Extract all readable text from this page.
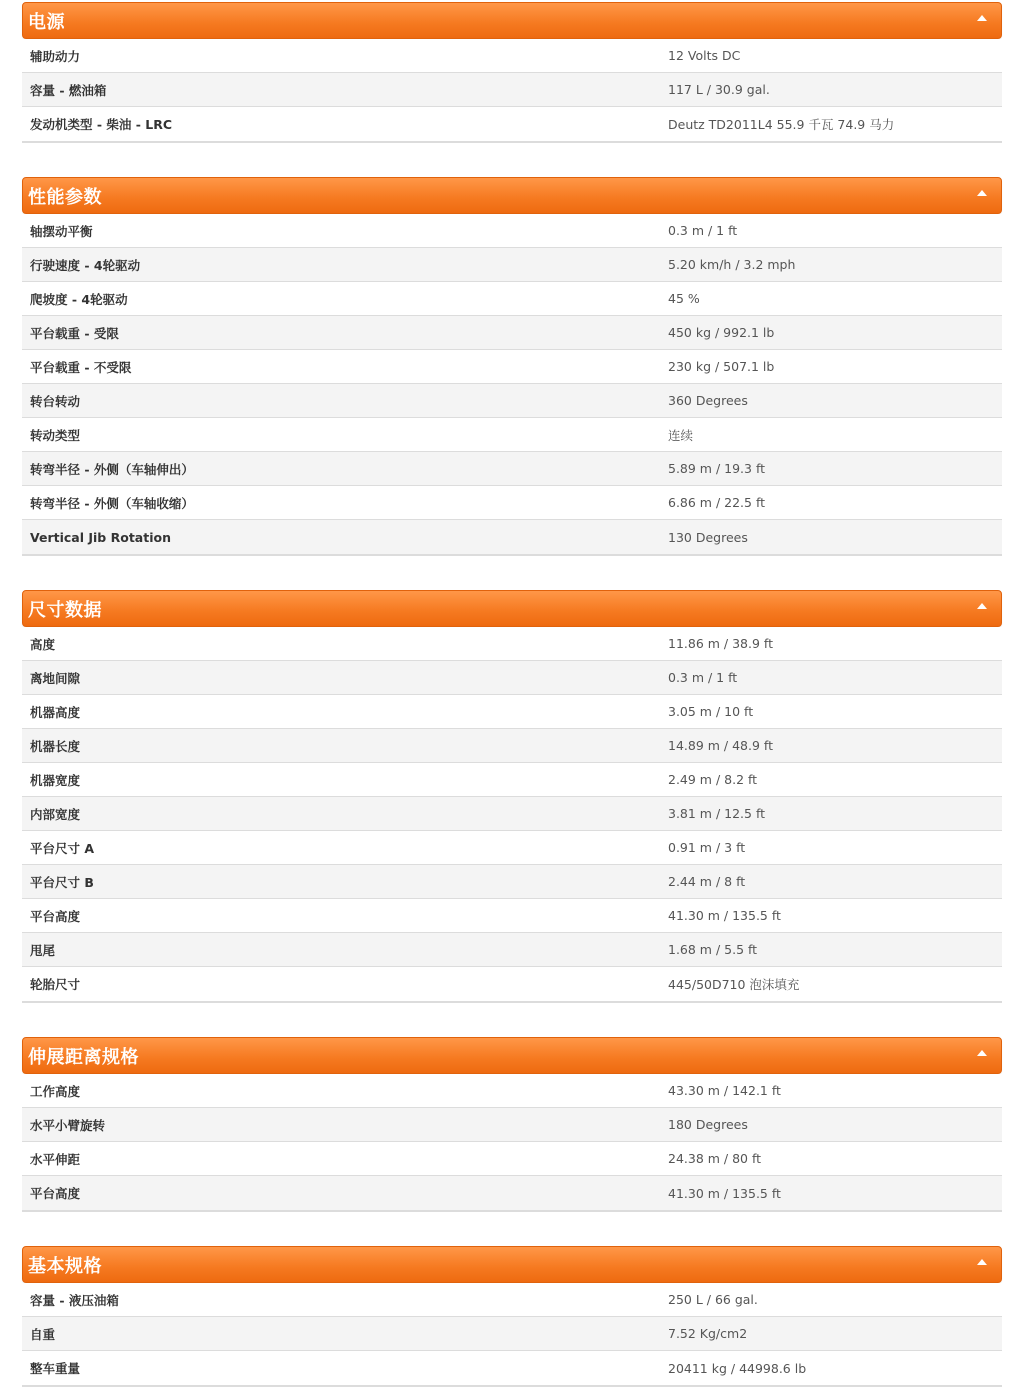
电源
辅助动力	12 Volts DC
容量 - 燃油箱	117 L / 30.9 gal.
发动机类型 - 柴油 - LRC	Deutz TD2011L4 55.9 千瓦 74.9 马力
性能参数
轴摆动平衡	0.3 m / 1 ft
行驶速度 - 4轮驱动	5.20 km/h / 3.2 mph
爬坡度 - 4轮驱动	45 %
平台载重 - 受限	450 kg / 992.1 lb
平台载重 - 不受限	230 kg / 507.1 lb
转台转动	360 Degrees
转动类型	连续
转弯半径 - 外侧（车轴伸出）	5.89 m / 19.3 ft
转弯半径 - 外侧（车轴收缩）	6.86 m / 22.5 ft
Vertical Jib Rotation	130 Degrees
尺寸数据
高度	11.86 m / 38.9 ft
离地间隙	0.3 m / 1 ft
机器高度	3.05 m / 10 ft
机器长度	14.89 m / 48.9 ft
机器宽度	2.49 m / 8.2 ft
内部宽度	3.81 m / 12.5 ft
平台尺寸 A	0.91 m / 3 ft
平台尺寸 B	2.44 m / 8 ft
平台高度	41.30 m / 135.5 ft
甩尾	1.68 m / 5.5 ft
轮胎尺寸	445/50D710 泡沫填充
伸展距离规格
工作高度	43.30 m / 142.1 ft
水平小臂旋转	180 Degrees
水平伸距	24.38 m / 80 ft
平台高度	41.30 m / 135.5 ft
基本规格
容量 - 液压油箱	250 L / 66 gal.
自重	7.52 Kg/cm2
整车重量	20411 kg / 44998.6 lb
